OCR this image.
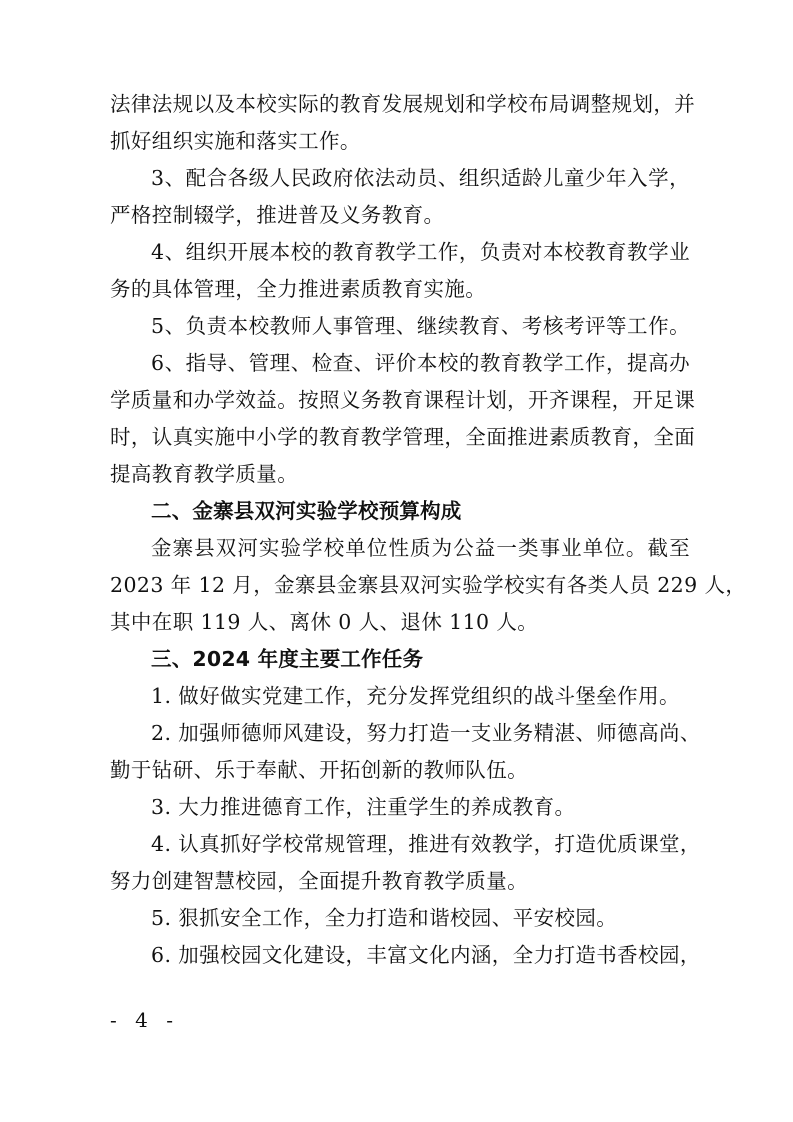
法律法规以及本校实际的教育发展规划和学校布局调整规划，并
抓好组织实施和落实工作。
3、配合各级人民政府依法动员、组织适龄儿童少年入学，
严格控制辍学，推进普及义务教育。
4、组织开展本校的教育教学工作，负责对本校教育教学业
务的具体管理，全力推进素质教育实施。
5、负责本校教师人事管理、继续教育、考核考评等工作。
6、指导、管理、检查、评价本校的教育教学工作，提高办
学质量和办学效益。按照义务教育课程计划，开齐课程，开足课
时，认真实施中小学的教育教学管理，全面推进素质教育，全面
提高教育教学质量。
二、金寨县双河实验学校预算构成
金寨县双河实验学校单位性质为公益一类事业单位。截至
2023 年 12 月，金寨县金寨县双河实验学校实有各类人员 229 人，
其中在职 119 人、离休 0 人、退休 110 人。
三、2024 年度主要工作任务
1. 做好做实党建工作，充分发挥党组织的战斗堡垒作用。
2. 加强师德师风建设，努力打造一支业务精湛、师德高尚、
勤于钻研、乐于奉献、开拓创新的教师队伍。
3. 大力推进德育工作，注重学生的养成教育。
4. 认真抓好学校常规管理，推进有效教学，打造优质课堂，
努力创建智慧校园，全面提升教育教学质量。
5. 狠抓安全工作，全力打造和谐校园、平安校园。
6. 加强校园文化建设，丰富文化内涵，全力打造书香校园，
- 4 -
